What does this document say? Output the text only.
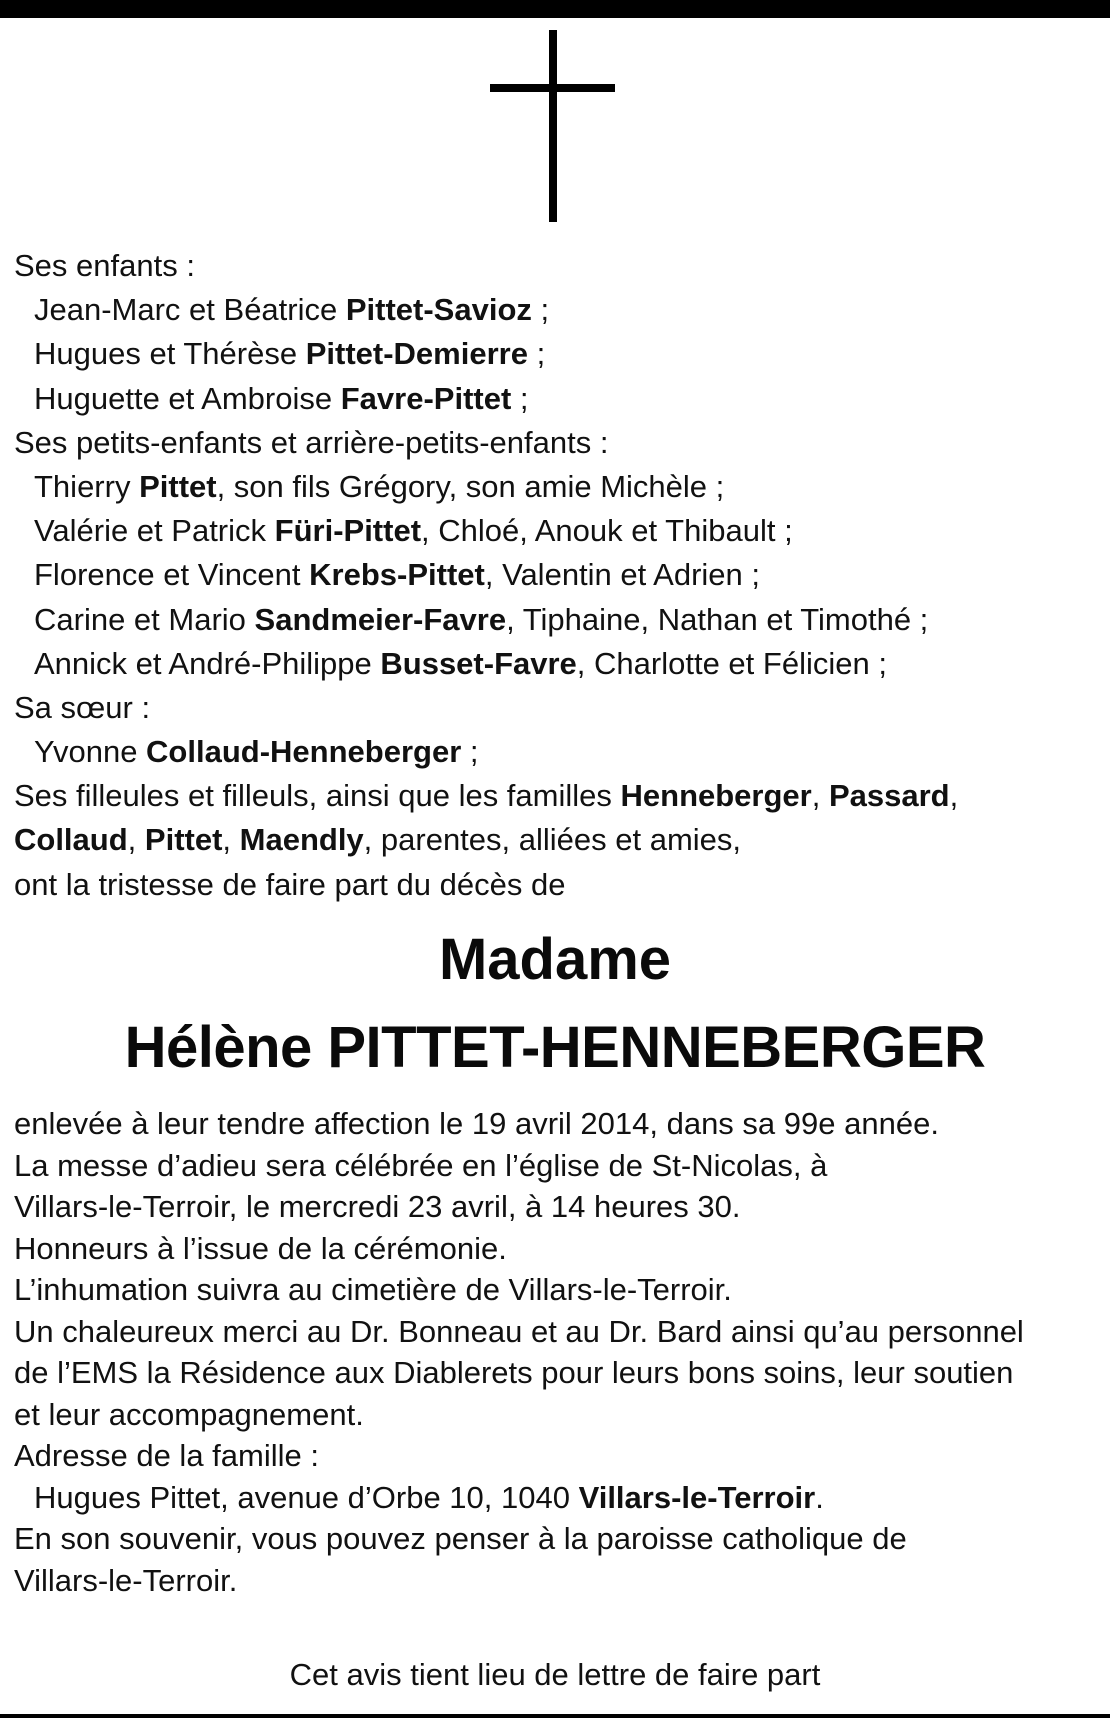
Ses enfants :
Jean-Marc et Béatrice Pittet-Savioz ;
Hugues et Thérèse Pittet-Demierre ;
Huguette et Ambroise Favre-Pittet ;
Ses petits-enfants et arrière-petits-enfants :
Thierry Pittet, son fils Grégory, son amie Michèle ;
Valérie et Patrick Füri-Pittet, Chloé, Anouk et Thibault ;
Florence et Vincent Krebs-Pittet, Valentin et Adrien ;
Carine et Mario Sandmeier-Favre, Tiphaine, Nathan et Timothé ;
Annick et André-Philippe Busset-Favre, Charlotte et Félicien ;
Sa sœur :
Yvonne Collaud-Henneberger ;
Ses filleules et filleuls, ainsi que les familles Henneberger, Passard,
Collaud, Pittet, Maendly, parentes, alliées et amies,
ont la tristesse de faire part du décès de
Madame
Hélène PITTET-HENNEBERGER
enlevée à leur tendre affection le 19 avril 2014, dans sa 99e année.
La messe d’adieu sera célébrée en l’église de St-Nicolas, à
Villars-le-Terroir, le mercredi 23 avril, à 14 heures 30.
Honneurs à l’issue de la cérémonie.
L’inhumation suivra au cimetière de Villars-le-Terroir.
Un chaleureux merci au Dr. Bonneau et au Dr. Bard ainsi qu’au personnel
de l’EMS la Résidence aux Diablerets pour leurs bons soins, leur soutien
et leur accompagnement.
Adresse de la famille :
Hugues Pittet, avenue d’Orbe 10, 1040 Villars-le-Terroir.
En son souvenir, vous pouvez penser à la paroisse catholique de
Villars-le-Terroir.
Cet avis tient lieu de lettre de faire part
